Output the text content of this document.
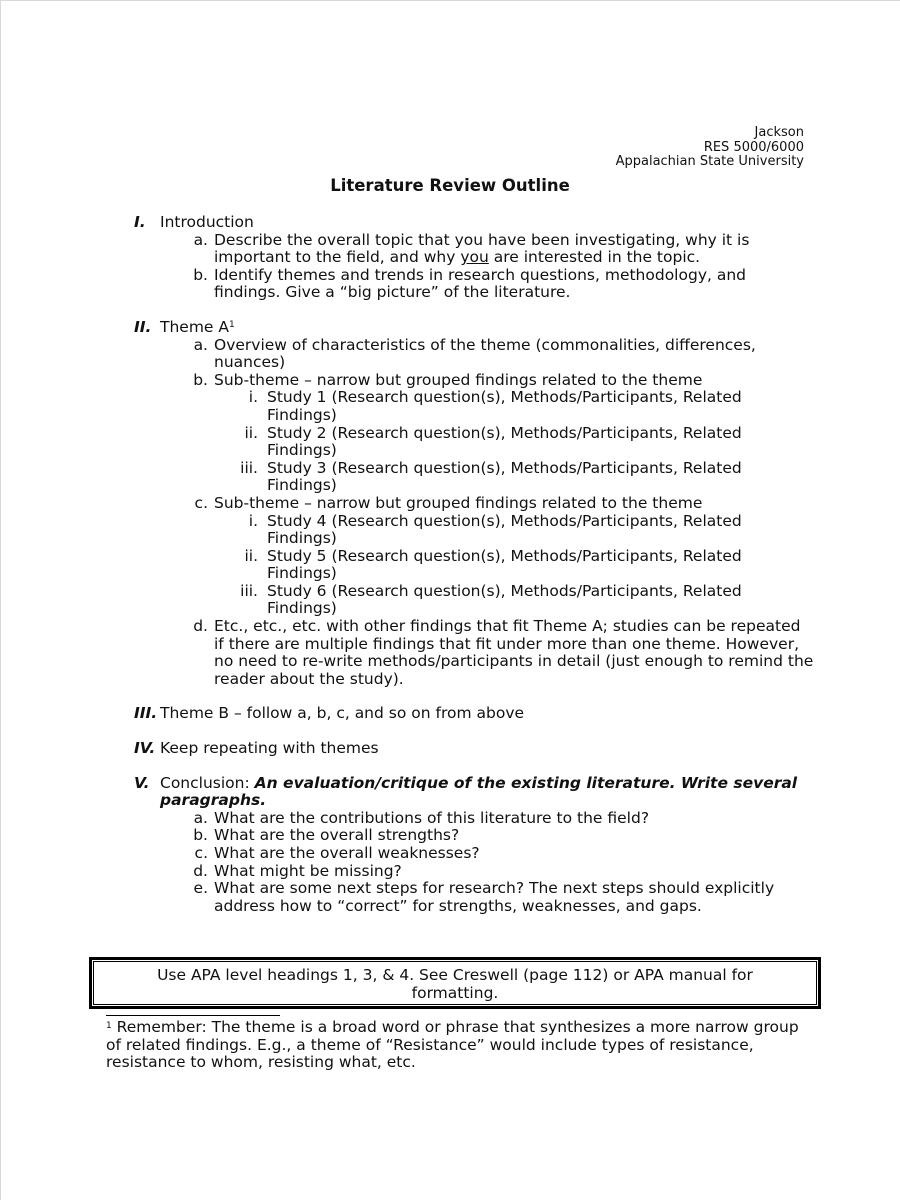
Jackson
RES 5000/6000
Appalachian State University
Literature Review Outline
I. Introduction
a. Describe the overall topic that you have been investigating, why it is important to the field, and why you are interested in the topic.
b. Identify themes and trends in research questions, methodology, and findings. Give a “big picture” of the literature.
II. Theme $A^1$
a. Overview of characteristics of the theme (commonalities, differences, nuances)
b. Sub-theme – narrow but grouped findings related to the theme
i. Study 1 (Research question(s), Methods/Participants, Related Findings)
ii. Study 2 (Research question(s), Methods/Participants, Related Findings)
iii. Study 3 (Research question(s), Methods/Participants, Related Findings)
c. Sub-theme – narrow but grouped findings related to the theme
i. Study 4 (Research question(s), Methods/Participants, Related Findings)
ii. Study 5 (Research question(s), Methods/Participants, Related Findings)
iii. Study 6 (Research question(s), Methods/Participants, Related Findings)
d. Etc., etc., etc. with other findings that fit Theme A; studies can be repeated if there are multiple findings that fit under more than one theme. However, no need to re-write methods/participants in detail (just enough to remind the reader about the study).
III. Theme B – follow a, b, c, and so on from above
IV. Keep repeating with themes
V. Conclusion: An evaluation/critique of the existing literature. Write several paragraphs.
a. What are the contributions of this literature to the field?
b. What are the overall strengths?
c. What are the overall weaknesses?
d. What might be missing?
e. What are some next steps for research? The next steps should explicitly address how to “correct” for strengths, weaknesses, and gaps.
Use APA level headings 1, 3, & 4. See Creswell (page 112) or APA manual for formatting.
$^1$ Remember: The theme is a broad word or phrase that synthesizes a more narrow group of related findings. E.g., a theme of “Resistance” would include types of resistance, resistance to whom, resisting what, etc.
